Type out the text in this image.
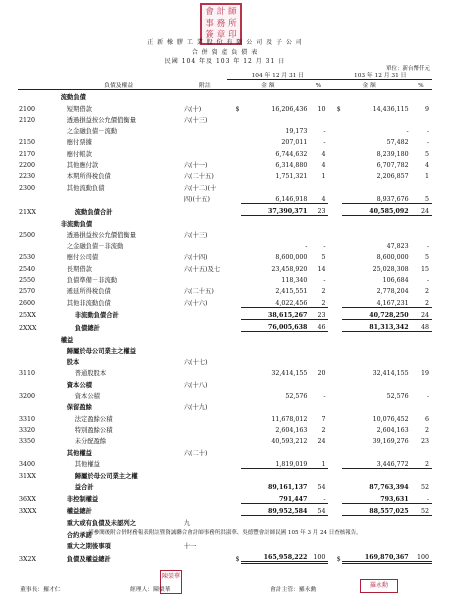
會 計 師
事 務 所
簽 章 印
正 新 橡 膠 工 業 股 份 有 限 公 司 及 子 公 司
合 併 資 產 負 債 表
民國 104 年及 103 年 12 月 31 日
單位：新台幣仟元
	負債及權益	附註	104 年 12 月 31 日			103 年 12 月 31 日		
			金 額		%	金 額		%
	流動負債							
2100	短期借款	六(十)	$	16,206,436	10	$	14,436,115	9
2120	透過損益按公允價值衡量	六(十三)						
	之金融負債－流動			19,173	-		-	-
2150	應付票據			207,011	-		57,482	-
2170	應付帳款			6,744,632	4		8,239,180	5
2200	其他應付款	六(十一)		6,314,880	4		6,707,782	4
2230	本期所得稅負債	六(二十五)		1,751,321	1		2,206,857	1
2300	其他流動負債	六(十二)(十						
		四)(十五)		6,146,918	4		8,937,676	5
21XX	流動負債合計			37,390,371	23		40,585,092	24
	非流動負債							
2500	透過損益按公允價值衡量	六(十三)						
	之金融負債－非流動			-	-		47,823	-
2530	應付公司債	六(十四)		8,600,000	5		8,600,000	5
2540	長期借款	六(十五)及七		23,458,920	14		25,028,308	15
2550	負債準備－非流動			118,340	-		106,684	-
2570	遞延所得稅負債	六(二十五)		2,415,551	2		2,778,204	2
2600	其他非流動負債	六(十六)		4,022,456	2		4,167,231	2
25XX	非流動負債合計			38,615,267	23		40,728,250	24
2XXX	負債總計			76,005,638	46		81,313,342	48
	權益							
	歸屬於母公司業主之權益							
	股本	六(十七)						
3110	普通股股本			32,414,155	20		32,414,155	19
	資本公積	六(十八)						
3200	資本公積			52,576	-		52,576	-
	保留盈餘	六(十九)						
3310	法定盈餘公積			11,678,012	7		10,076,452	6
3320	特別盈餘公積			2,604,163	2		2,604,163	2
3350	未分配盈餘			40,593,212	24		39,169,276	23
	其他權益	六(二十)						
3400	其他權益			1,819,019	1		3,446,772	2
31XX	歸屬於母公司業主之權							
	益合計			89,161,137	54		87,763,394	52
36XX	非控制權益			791,447	-		793,631	-
3XXX	權益總計			89,952,584	54		88,557,025	52
	重大或有負債及未認列之	九						
	合約承諾							
	重大之期後事項	十一						
3X2X	負債及權益總計		$	165,958,222	100	$	169,870,367	100
請參閱後附合併財務報表附註暨資誠聯合會計師事務所洪淑華、吳德豐會計師民國 105 年 3 月 24 日查核報告。
董事長：羅才仁
陳榮華
經理人：陳榮華
羅永勳
會計主管：羅永勳
